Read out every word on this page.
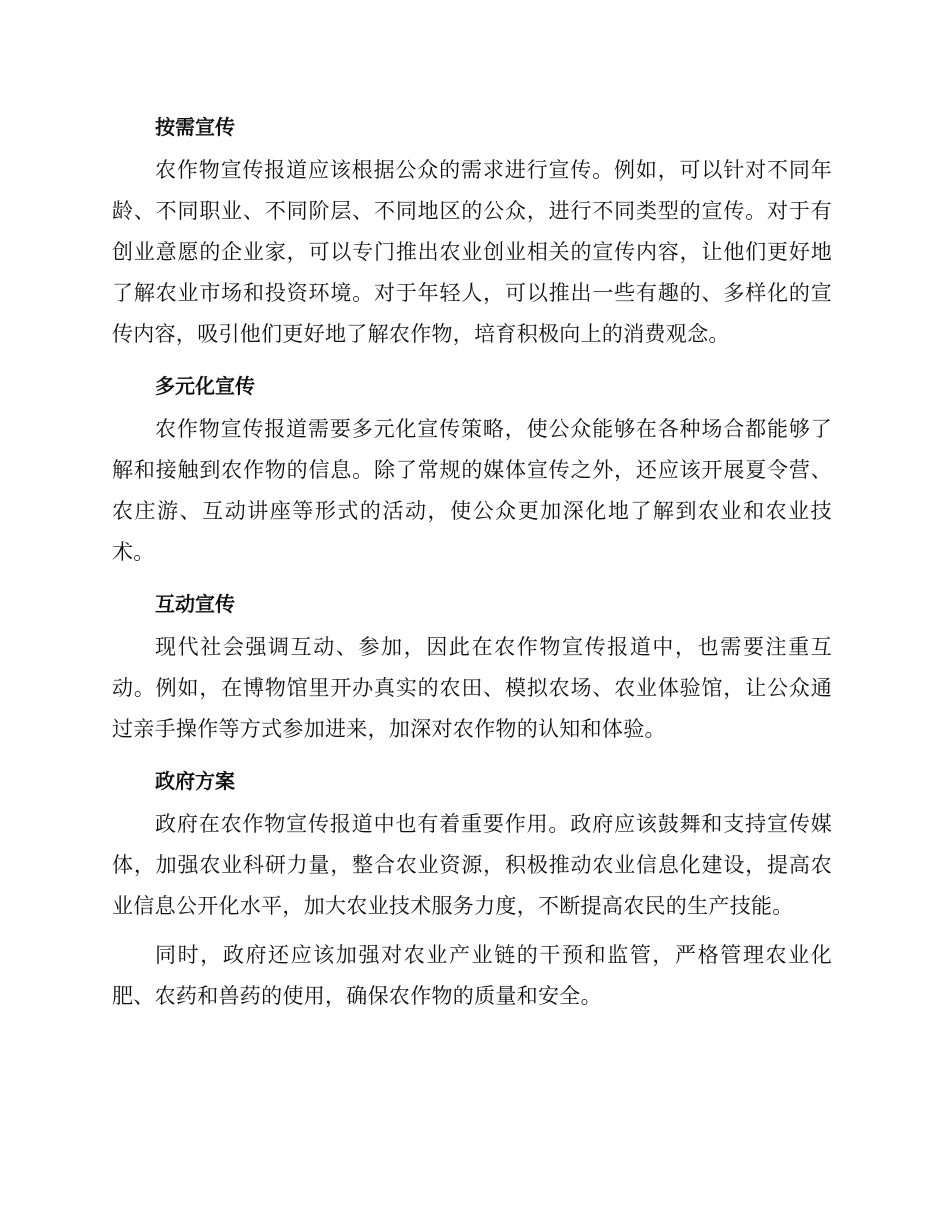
按需宣传

农作物宣传报道应该根据公众的需求进行宣传。例如，可以针对不同年龄、不同职业、不同阶层、不同地区的公众，进行不同类型的宣传。对于有创业意愿的企业家，可以专门推出农业创业相关的宣传内容，让他们更好地了解农业市场和投资环境。对于年轻人，可以推出一些有趣的、多样化的宣传内容，吸引他们更好地了解农作物，培育积极向上的消费观念。

多元化宣传

农作物宣传报道需要多元化宣传策略，使公众能够在各种场合都能够了解和接触到农作物的信息。除了常规的媒体宣传之外，还应该开展夏令营、农庄游、互动讲座等形式的活动，使公众更加深化地了解到农业和农业技术。

互动宣传

现代社会强调互动、参加，因此在农作物宣传报道中，也需要注重互动。例如，在博物馆里开办真实的农田、模拟农场、农业体验馆，让公众通过亲手操作等方式参加进来，加深对农作物的认知和体验。

政府方案

政府在农作物宣传报道中也有着重要作用。政府应该鼓舞和支持宣传媒体，加强农业科研力量，整合农业资源，积极推动农业信息化建设，提高农业信息公开化水平，加大农业技术服务力度，不断提高农民的生产技能。

同时，政府还应该加强对农业产业链的干预和监管，严格管理农业化肥、农药和兽药的使用，确保农作物的质量和安全。
